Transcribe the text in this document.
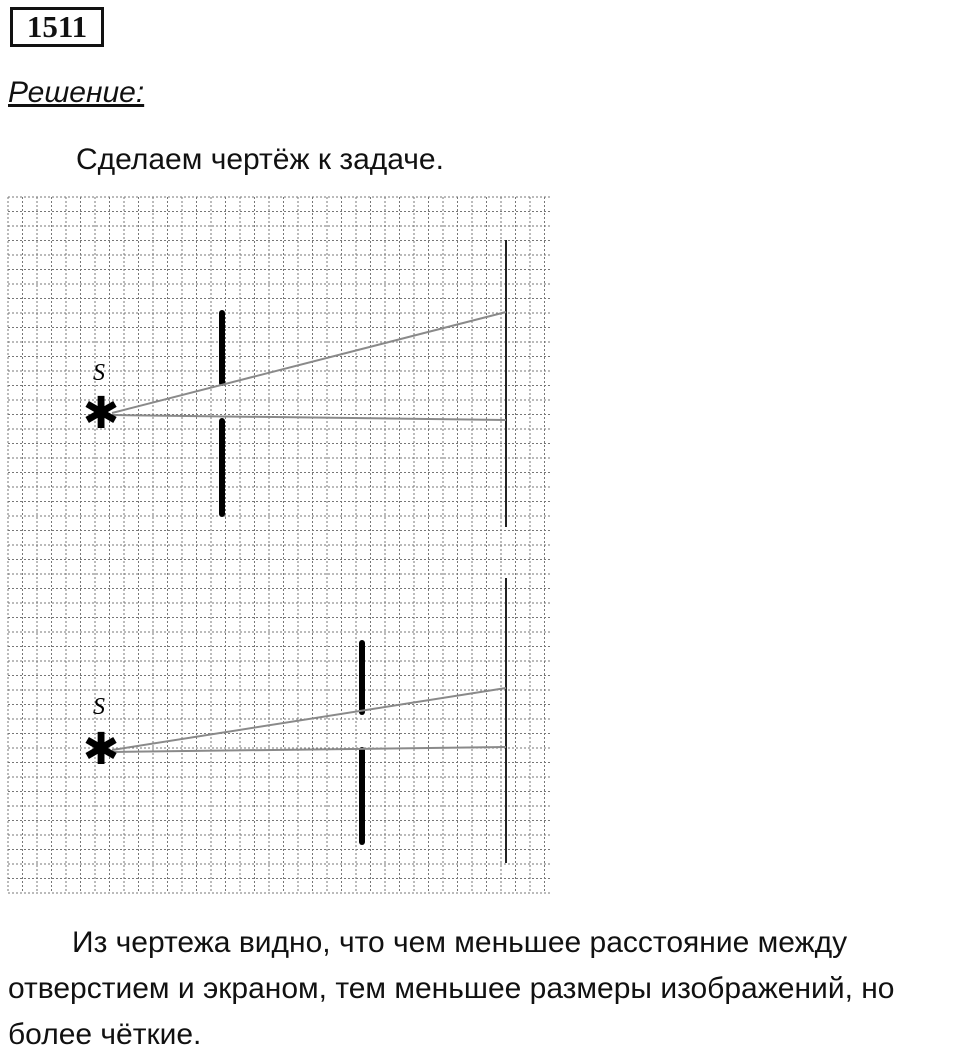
1511
Решение:
Сделаем чертёж к задаче.
S
✱
S
✱
Из чертежа видно, что чем меньшее расстояние между отверстием и экраном, тем меньшее размеры изображений, но более чёткие.
